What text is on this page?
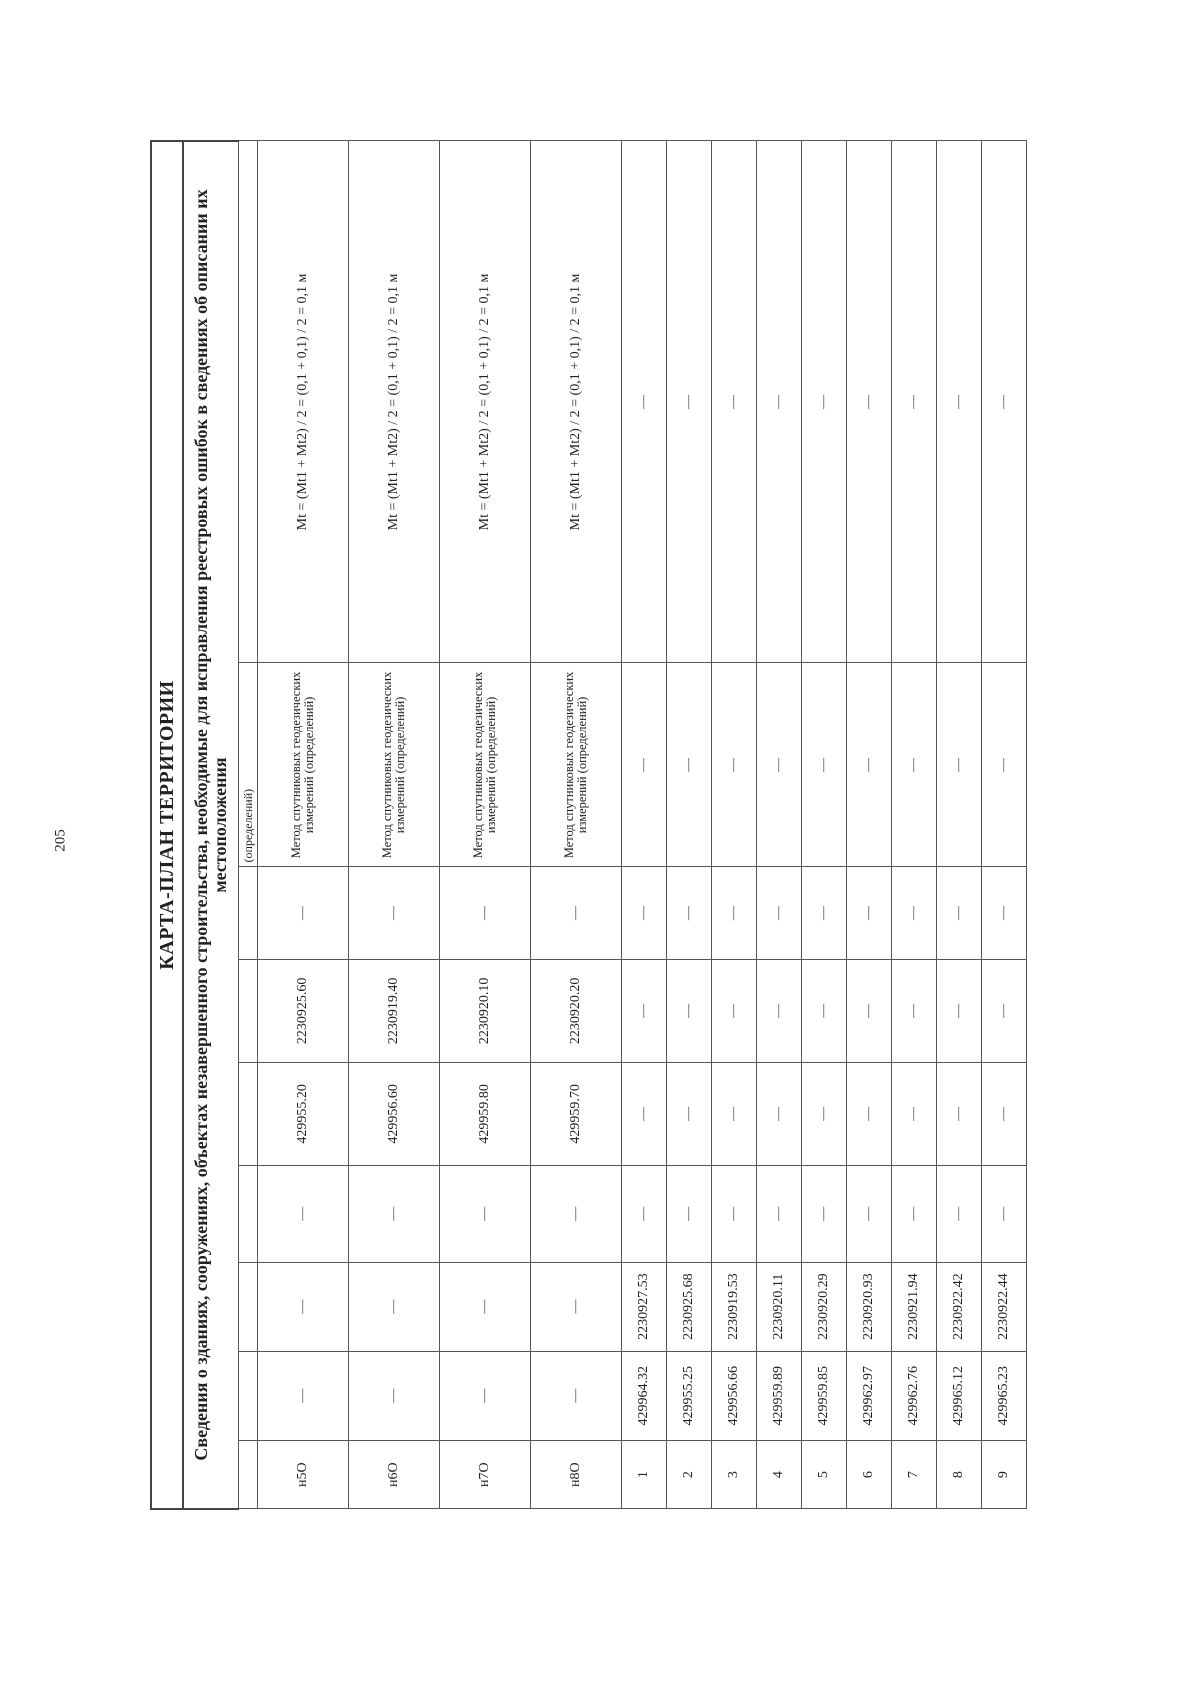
205	КАРТА-ПЛАН ТЕРРИТОРИИ								
Сведения о зданиях, сооружениях, объектах незавершенного строительства, необходимые для исправления реестровых ошибок в сведениях об описании их местоположения								
							(определений)	
н5О	—	—	—	429955.20	2230925.60	—	Метод спутниковых геодезических измерений (определений)	Mt = (Mt1 + Mt2) / 2 = (0,1 + 0,1) / 2 = 0,1 м
н6О	—	—	—	429956.60	2230919.40	—	Метод спутниковых геодезических измерений (определений)	Mt = (Mt1 + Mt2) / 2 = (0,1 + 0,1) / 2 = 0,1 м
н7О	—	—	—	429959.80	2230920.10	—	Метод спутниковых геодезических измерений (определений)	Mt = (Mt1 + Mt2) / 2 = (0,1 + 0,1) / 2 = 0,1 м
н8О	—	—	—	429959.70	2230920.20	—	Метод спутниковых геодезических измерений (определений)	Mt = (Mt1 + Mt2) / 2 = (0,1 + 0,1) / 2 = 0,1 м
1	429964.32	2230927.53	—	—	—	—	—	—
2	429955.25	2230925.68	—	—	—	—	—	—
3	429956.66	2230919.53	—	—	—	—	—	—
4	429959.89	2230920.11	—	—	—	—	—	—
5	429959.85	2230920.29	—	—	—	—	—	—
6	429962.97	2230920.93	—	—	—	—	—	—
7	429962.76	2230921.94	—	—	—	—	—	—
8	429965.12	2230922.42	—	—	—	—	—	—
9	429965.23	2230922.44	—	—	—	—	—	—
